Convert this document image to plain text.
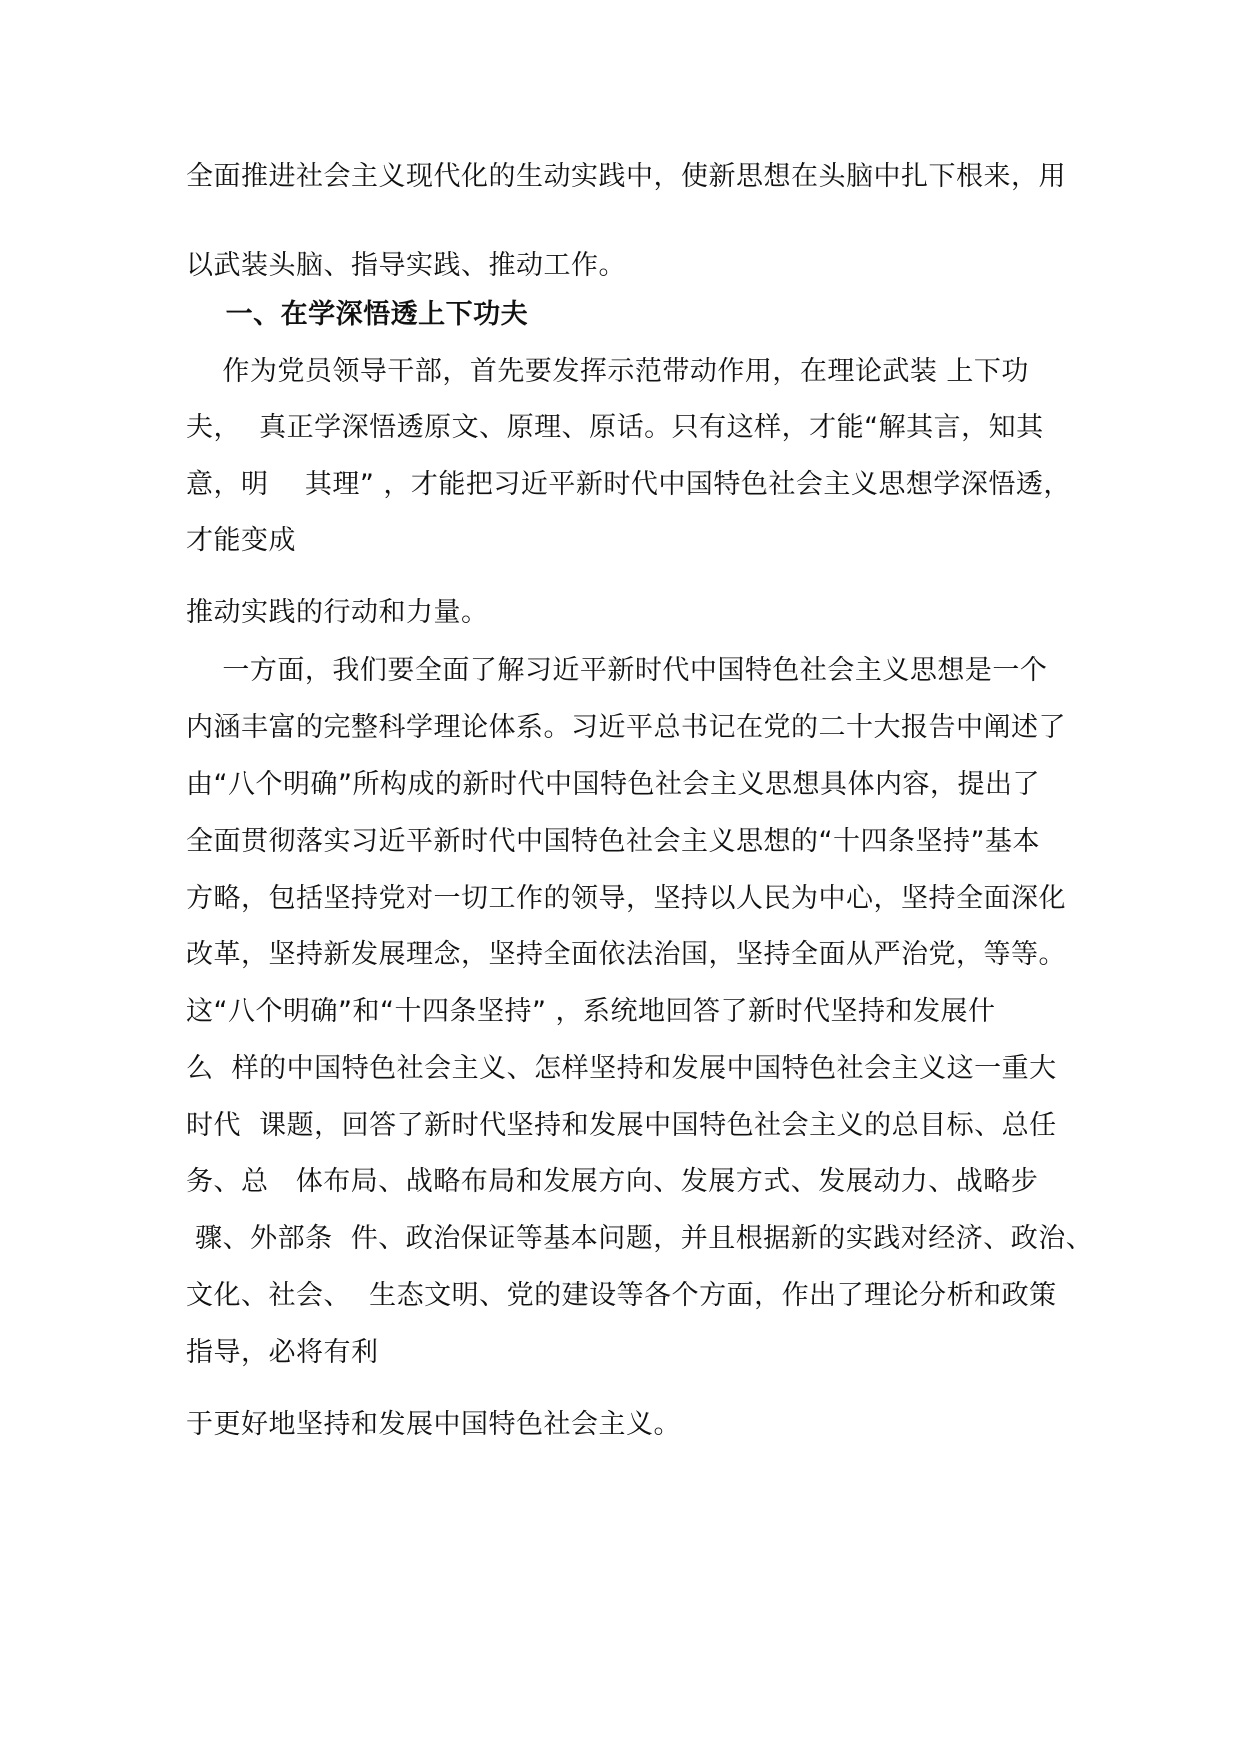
全面推进社会主义现代化的生动实践中，使新思想在头脑中扎下根来，用
以武装头脑、指导实践、推动工作。
一、在学深悟透上下功夫
作为党员领导干部，首先要发挥示范带动作用，在理论武装 上下功
夫，  真正学深悟透原文、原理、原话。只有这样，才能“解其言，知其
意，明    其理” ，才能把习近平新时代中国特色社会主义思想学深悟透，
才能变成
推动实践的行动和力量。
一方面，我们要全面了解习近平新时代中国特色社会主义思想是一个
内涵丰富的完整科学理论体系。习近平总书记在党的二十大报告中阐述了
由“八个明确”所构成的新时代中国特色社会主义思想具体内容，提出了
全面贯彻落实习近平新时代中国特色社会主义思想的“十四条坚持”基本
方略，包括坚持党对一切工作的领导，坚持以人民为中心，坚持全面深化
改革，坚持新发展理念，坚持全面依法治国，坚持全面从严治党，等等。
这“八个明确”和“十四条坚持” ，系统地回答了新时代坚持和发展什
么  样的中国特色社会主义、怎样坚持和发展中国特色社会主义这一重大
时代  课题，回答了新时代坚持和发展中国特色社会主义的总目标、总任
务、总   体布局、战略布局和发展方向、发展方式、发展动力、战略步
骤、外部条  件、政治保证等基本问题，并且根据新的实践对经济、政治、
文化、社会、  生态文明、党的建设等各个方面，作出了理论分析和政策
指导，必将有利
于更好地坚持和发展中国特色社会主义。
